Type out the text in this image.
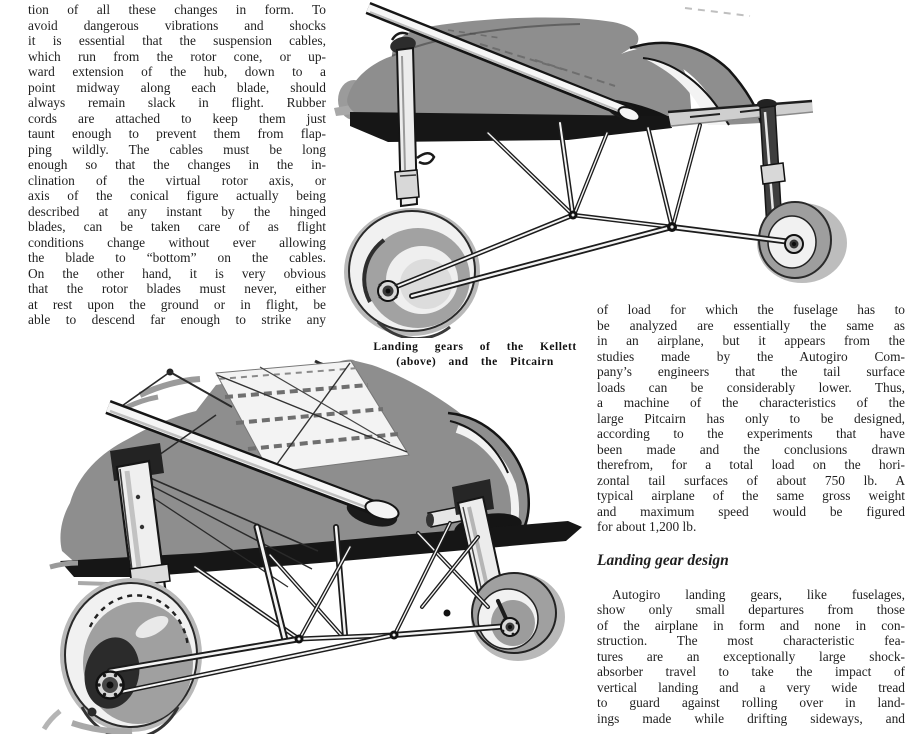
tion of all these changes in form. To
avoid dangerous vibrations and shocks
it is essential that the suspension cables,
which run from the rotor cone, or up-
ward extension of the hub, down to a
point midway along each blade, should
always remain slack in flight. Rubber
cords are attached to keep them just
taunt enough to prevent them from flap-
ping wildly. The cables must be long
enough so that the changes in the in-
clination of the virtual rotor axis, or
axis of the conical figure actually being
described at any instant by the hinged
blades, can be taken care of as flight
conditions change without ever allowing
the blade to “bottom” on the cables.
On the other hand, it is very obvious
that the rotor blades must never, either
at rest upon the ground or in flight, be
able to descend far enough to strike any
Landing gears of the Kellett
(above) and the Pitcairn
of load for which the fuselage has to
be analyzed are essentially the same as
in an airplane, but it appears from the
studies made by the Autogiro Com-
pany’s engineers that the tail surface
loads can be considerably lower. Thus,
a machine of the characteristics of the
large Pitcairn has only to be designed,
according to the experiments that have
been made and the conclusions drawn
therefrom, for a total load on the hori-
zontal tail surfaces of about 750 lb. A
typical airplane of the same gross weight
and maximum speed would be figured
for about 1,200 lb.
Landing gear design
Autogiro landing gears, like fuselages,
show only small departures from those
of the airplane in form and none in con-
struction. The most characteristic fea-
tures are an exceptionally large shock-
absorber travel to take the impact of
vertical landing and a very wide tread
to guard against rolling over in land-
ings made while drifting sideways, and
